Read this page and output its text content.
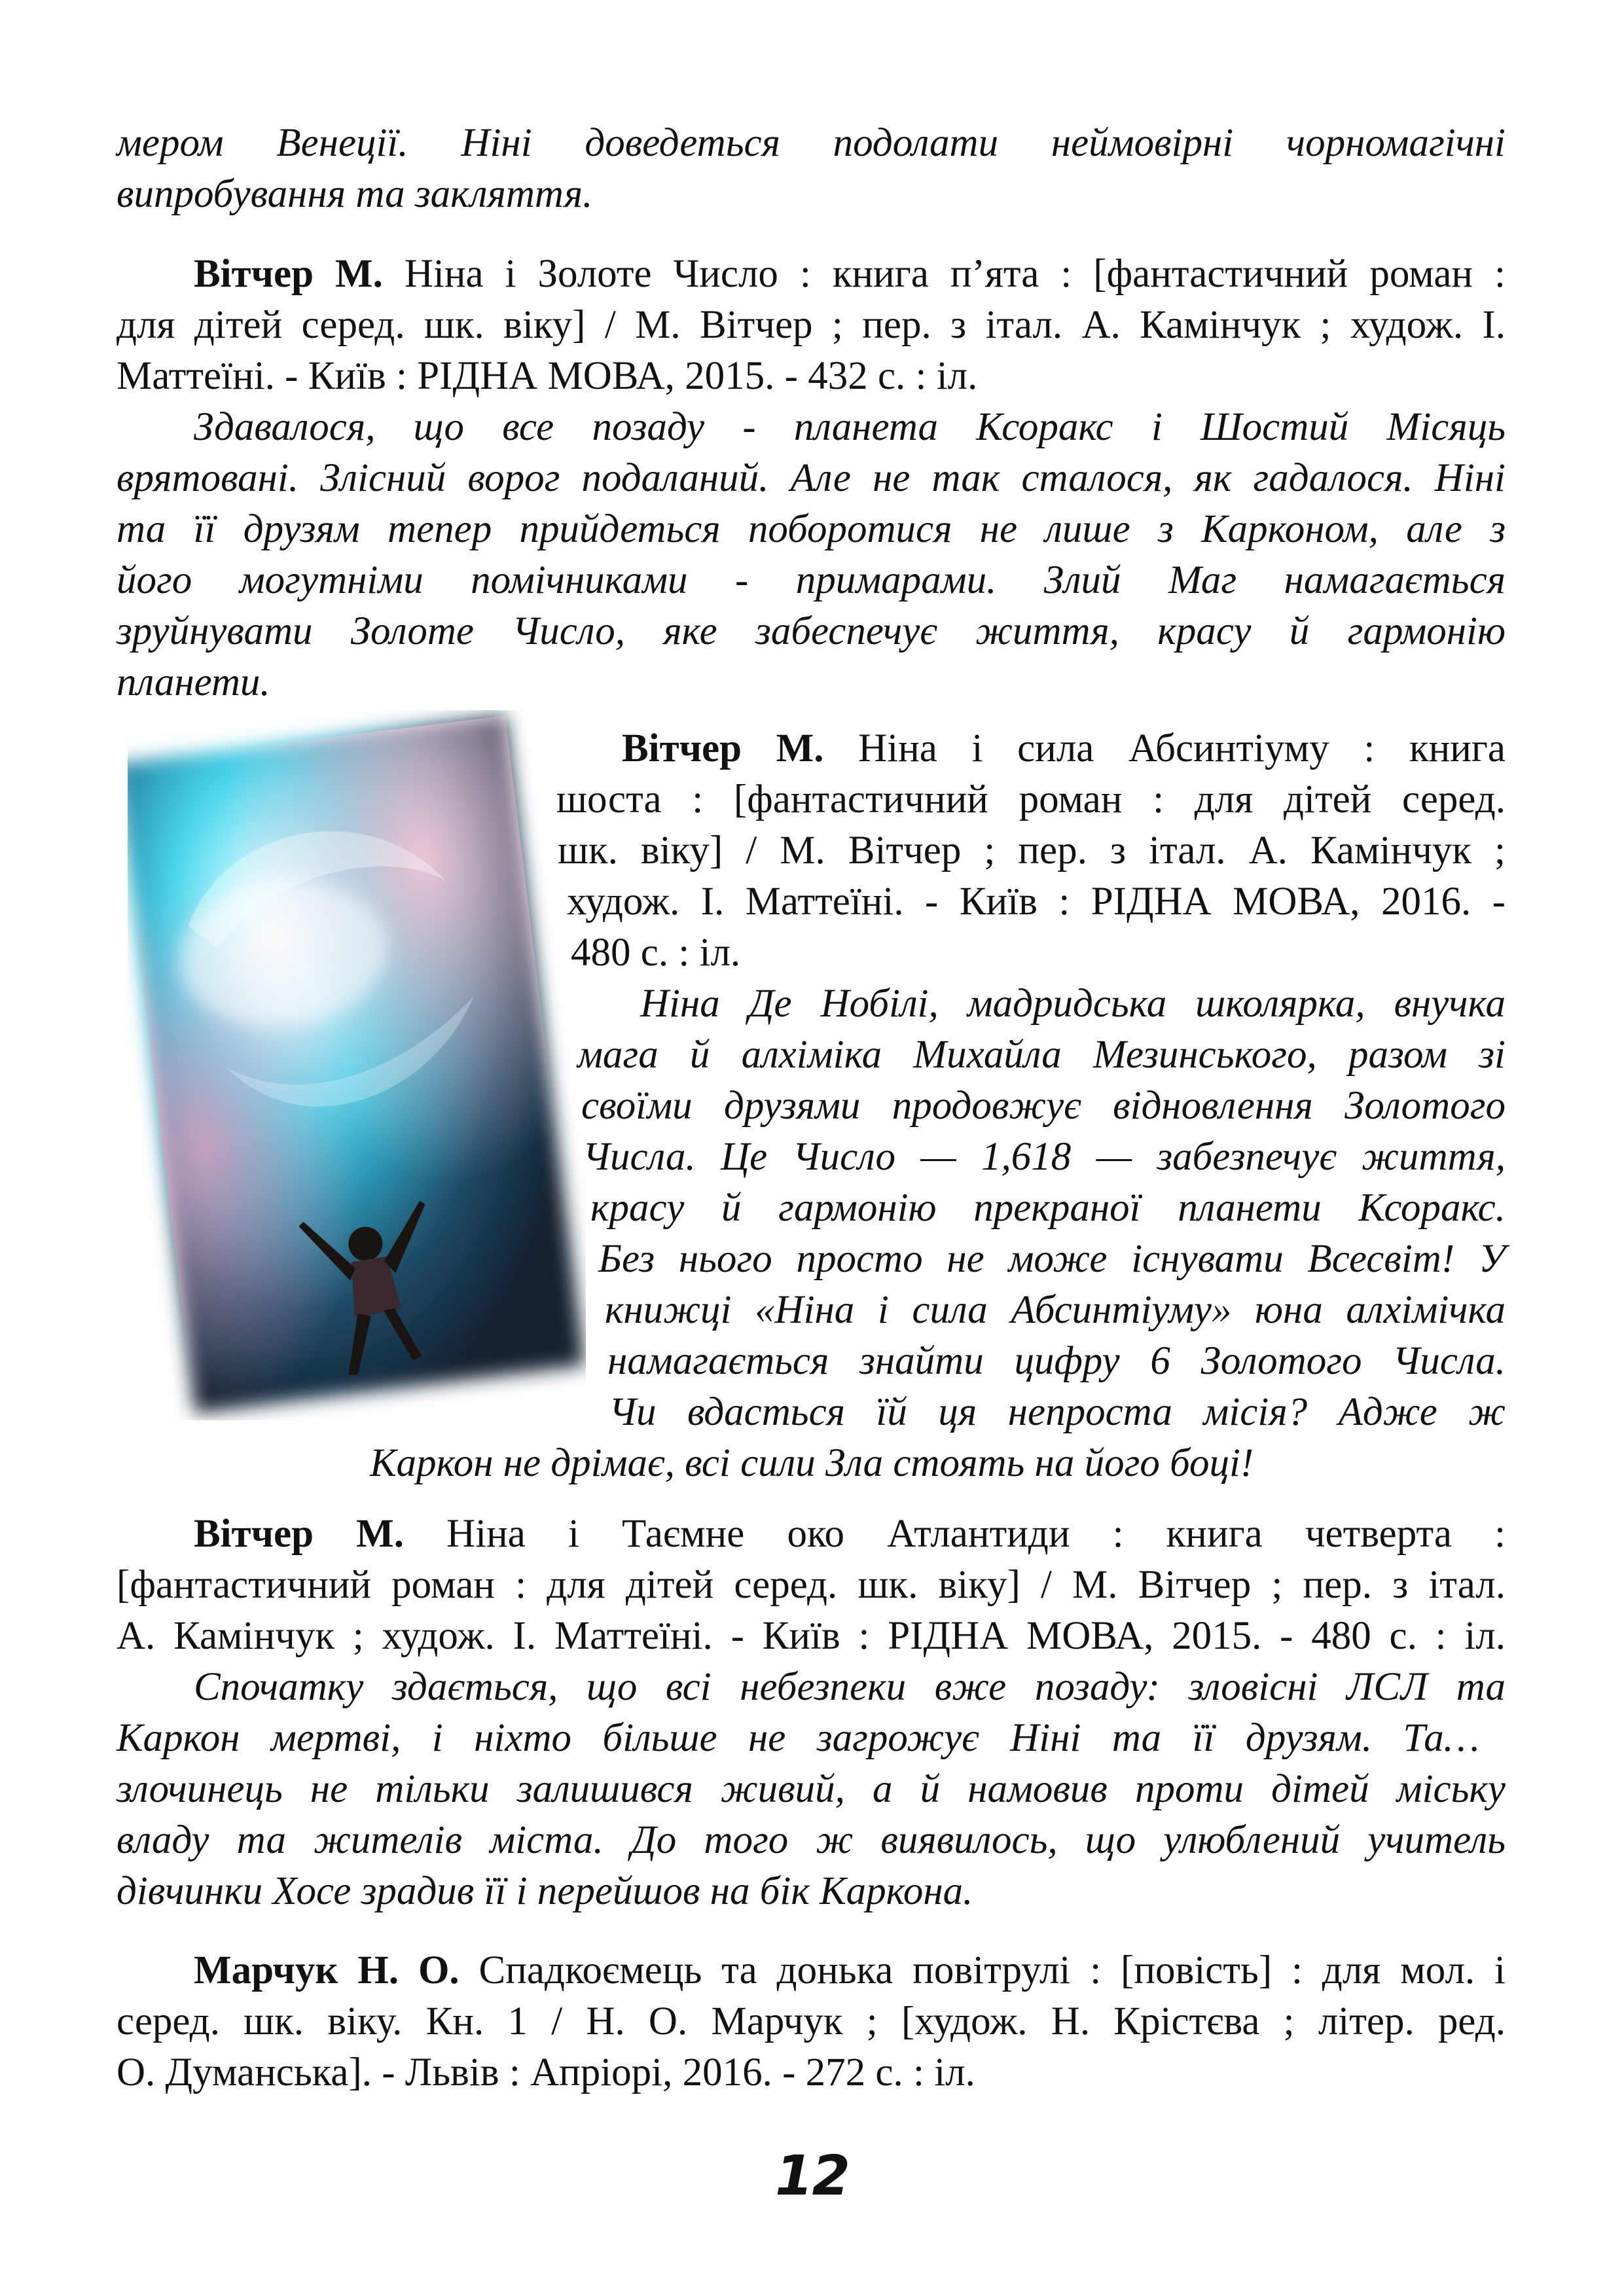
мером Венеції. Ніні доведеться подолати неймовірні чорномагічні
випробування та закляття.
Вітчер М. Ніна і Золоте Число : книга п’ята : [фантастичний роман :
для дітей серед. шк. віку] / М. Вітчер ; пер. з італ. А. Камінчук ; худож. І.
Маттеїні. - Київ : РІДНА МОВА, 2015. - 432 с. : іл.
Здавалося, що все позаду - планета Ксоракс і Шостий Місяць
врятовані. Злісний ворог подаланий. Але не так сталося, як гадалося. Ніні
та її друзям тепер прийдеться побоpотися не лише з Карконом, але з
його могутніми помічниками - примарами. Злий Маг намагається
зруйнувати Золоте Число, яке забеспечує життя, красу й гармонію
планети.
Вітчер М. Ніна і сила Абсинтіуму : книга
шоста : [фантастичний роман : для дітей серед.
шк. віку] / М. Вітчер ; пер. з італ. А. Камінчук ;
худож. І. Маттеїні. - Київ : РІДНА МОВА, 2016. -
480 с. : іл.
Ніна Де Нобілі, мадридська школярка, внучка
мага й алхіміка Михайла Мезинського, разом зі
своїми друзями продовжує відновлення Золотого
Числа. Це Число — 1,618 — забезпечує життя,
красу й гармонію прекраної планети Ксоракс.
Без нього просто не може існувати Всесвіт! У
книжці «Ніна і сила Абсинтіуму» юна алхімічка
намагається знайти цифру 6 Золотого Числа.
Чи вдасться їй ця непроста місія? Адже ж
Каркон не дрімає, всі сили Зла стоять на його боці!
Вітчер М. Ніна і Таємне око Атлантиди : книга четверта :
[фантастичний роман : для дітей серед. шк. віку] / М. Вітчер ; пер. з італ.
А. Камінчук ; худож. І. Маттеїні. - Київ : РІДНА МОВА, 2015. - 480 с. : іл.
Спочатку здається, що всі небезпеки вже позаду: зловісні ЛСЛ та
Каркон мертві, і ніхто більше не загрожує Ніні та її друзям. Та…
злочинець не тільки залишився живий, а й намовив проти дітей міську
владу та жителів міста. До того ж виявилось, що улюблений учитель
дівчинки Хосе зрадив її і перейшов на бік Каркона.
Марчук Н. О. Спадкоємець та донька повітрулі : [повість] : для мол. і
серед. шк. віку. Кн. 1 / Н. О. Марчук ; [худож. Н. Крістєва ; літер. ред.
О. Думанська]. - Львів : Апріорі, 2016. - 272 с. : іл.
12
